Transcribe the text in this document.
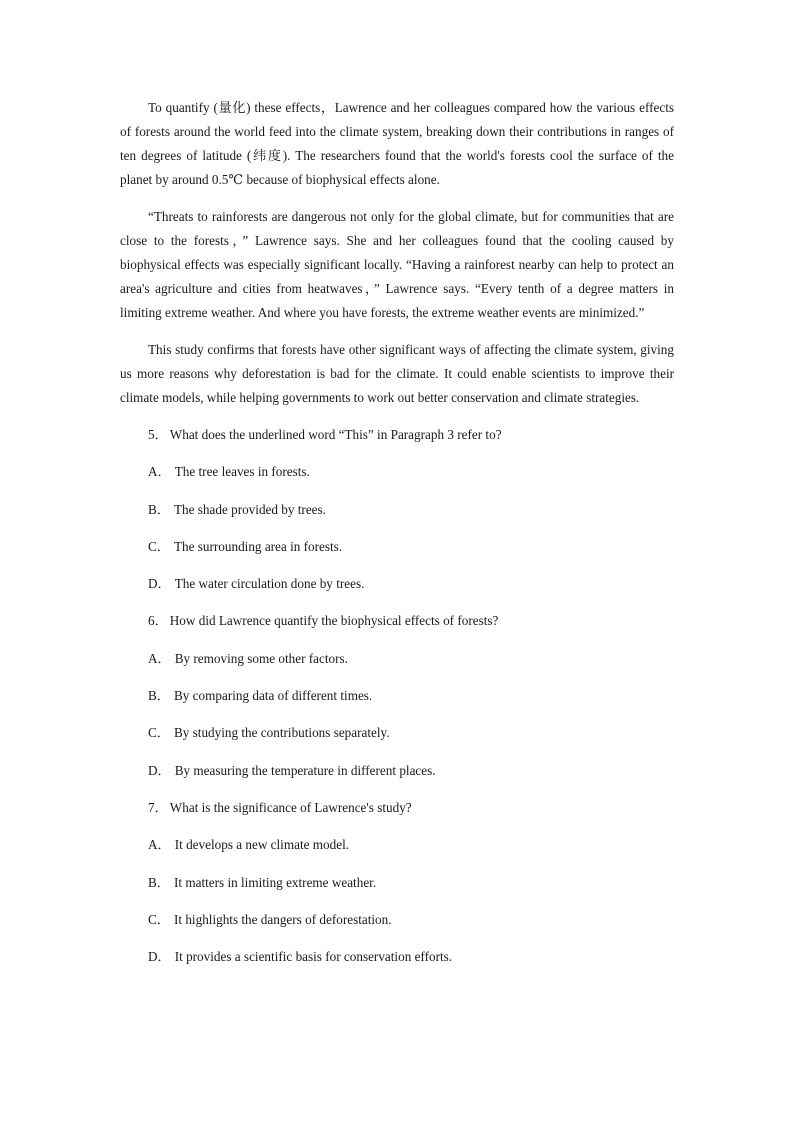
To quantify (量化) these effects，Lawrence and her colleagues compared how the various effects of forests around the world feed into the climate system, breaking down their contributions in ranges of ten degrees of latitude (纬度). The researchers found that the world's forests cool the surface of the planet by around 0.5℃ because of biophysical effects alone.

“Threats to rainforests are dangerous not only for the global climate, but for communities that are close to the forests，” Lawrence says. She and her colleagues found that the cooling caused by biophysical effects was especially significant locally. “Having a rainforest nearby can help to protect an area's agriculture and cities from heatwaves，” Lawrence says. “Every tenth of a degree matters in limiting extreme weather. And where you have forests, the extreme weather events are minimized.”

This study confirms that forests have other significant ways of affecting the climate system, giving us more reasons why deforestation is bad for the climate. It could enable scientists to improve their climate models, while helping governments to work out better conservation and climate strategies.

5． What does the underlined word “This” in Paragraph 3 refer to?
A． The tree leaves in forests.
B． The shade provided by trees.
C． The surrounding area in forests.
D． The water circulation done by trees.
6． How did Lawrence quantify the biophysical effects of forests?
A． By removing some other factors.
B． By comparing data of different times.
C． By studying the contributions separately.
D． By measuring the temperature in different places.
7． What is the significance of Lawrence's study?
A． It develops a new climate model.
B． It matters in limiting extreme weather.
C． It highlights the dangers of deforestation.
D． It provides a scientific basis for conservation efforts.
